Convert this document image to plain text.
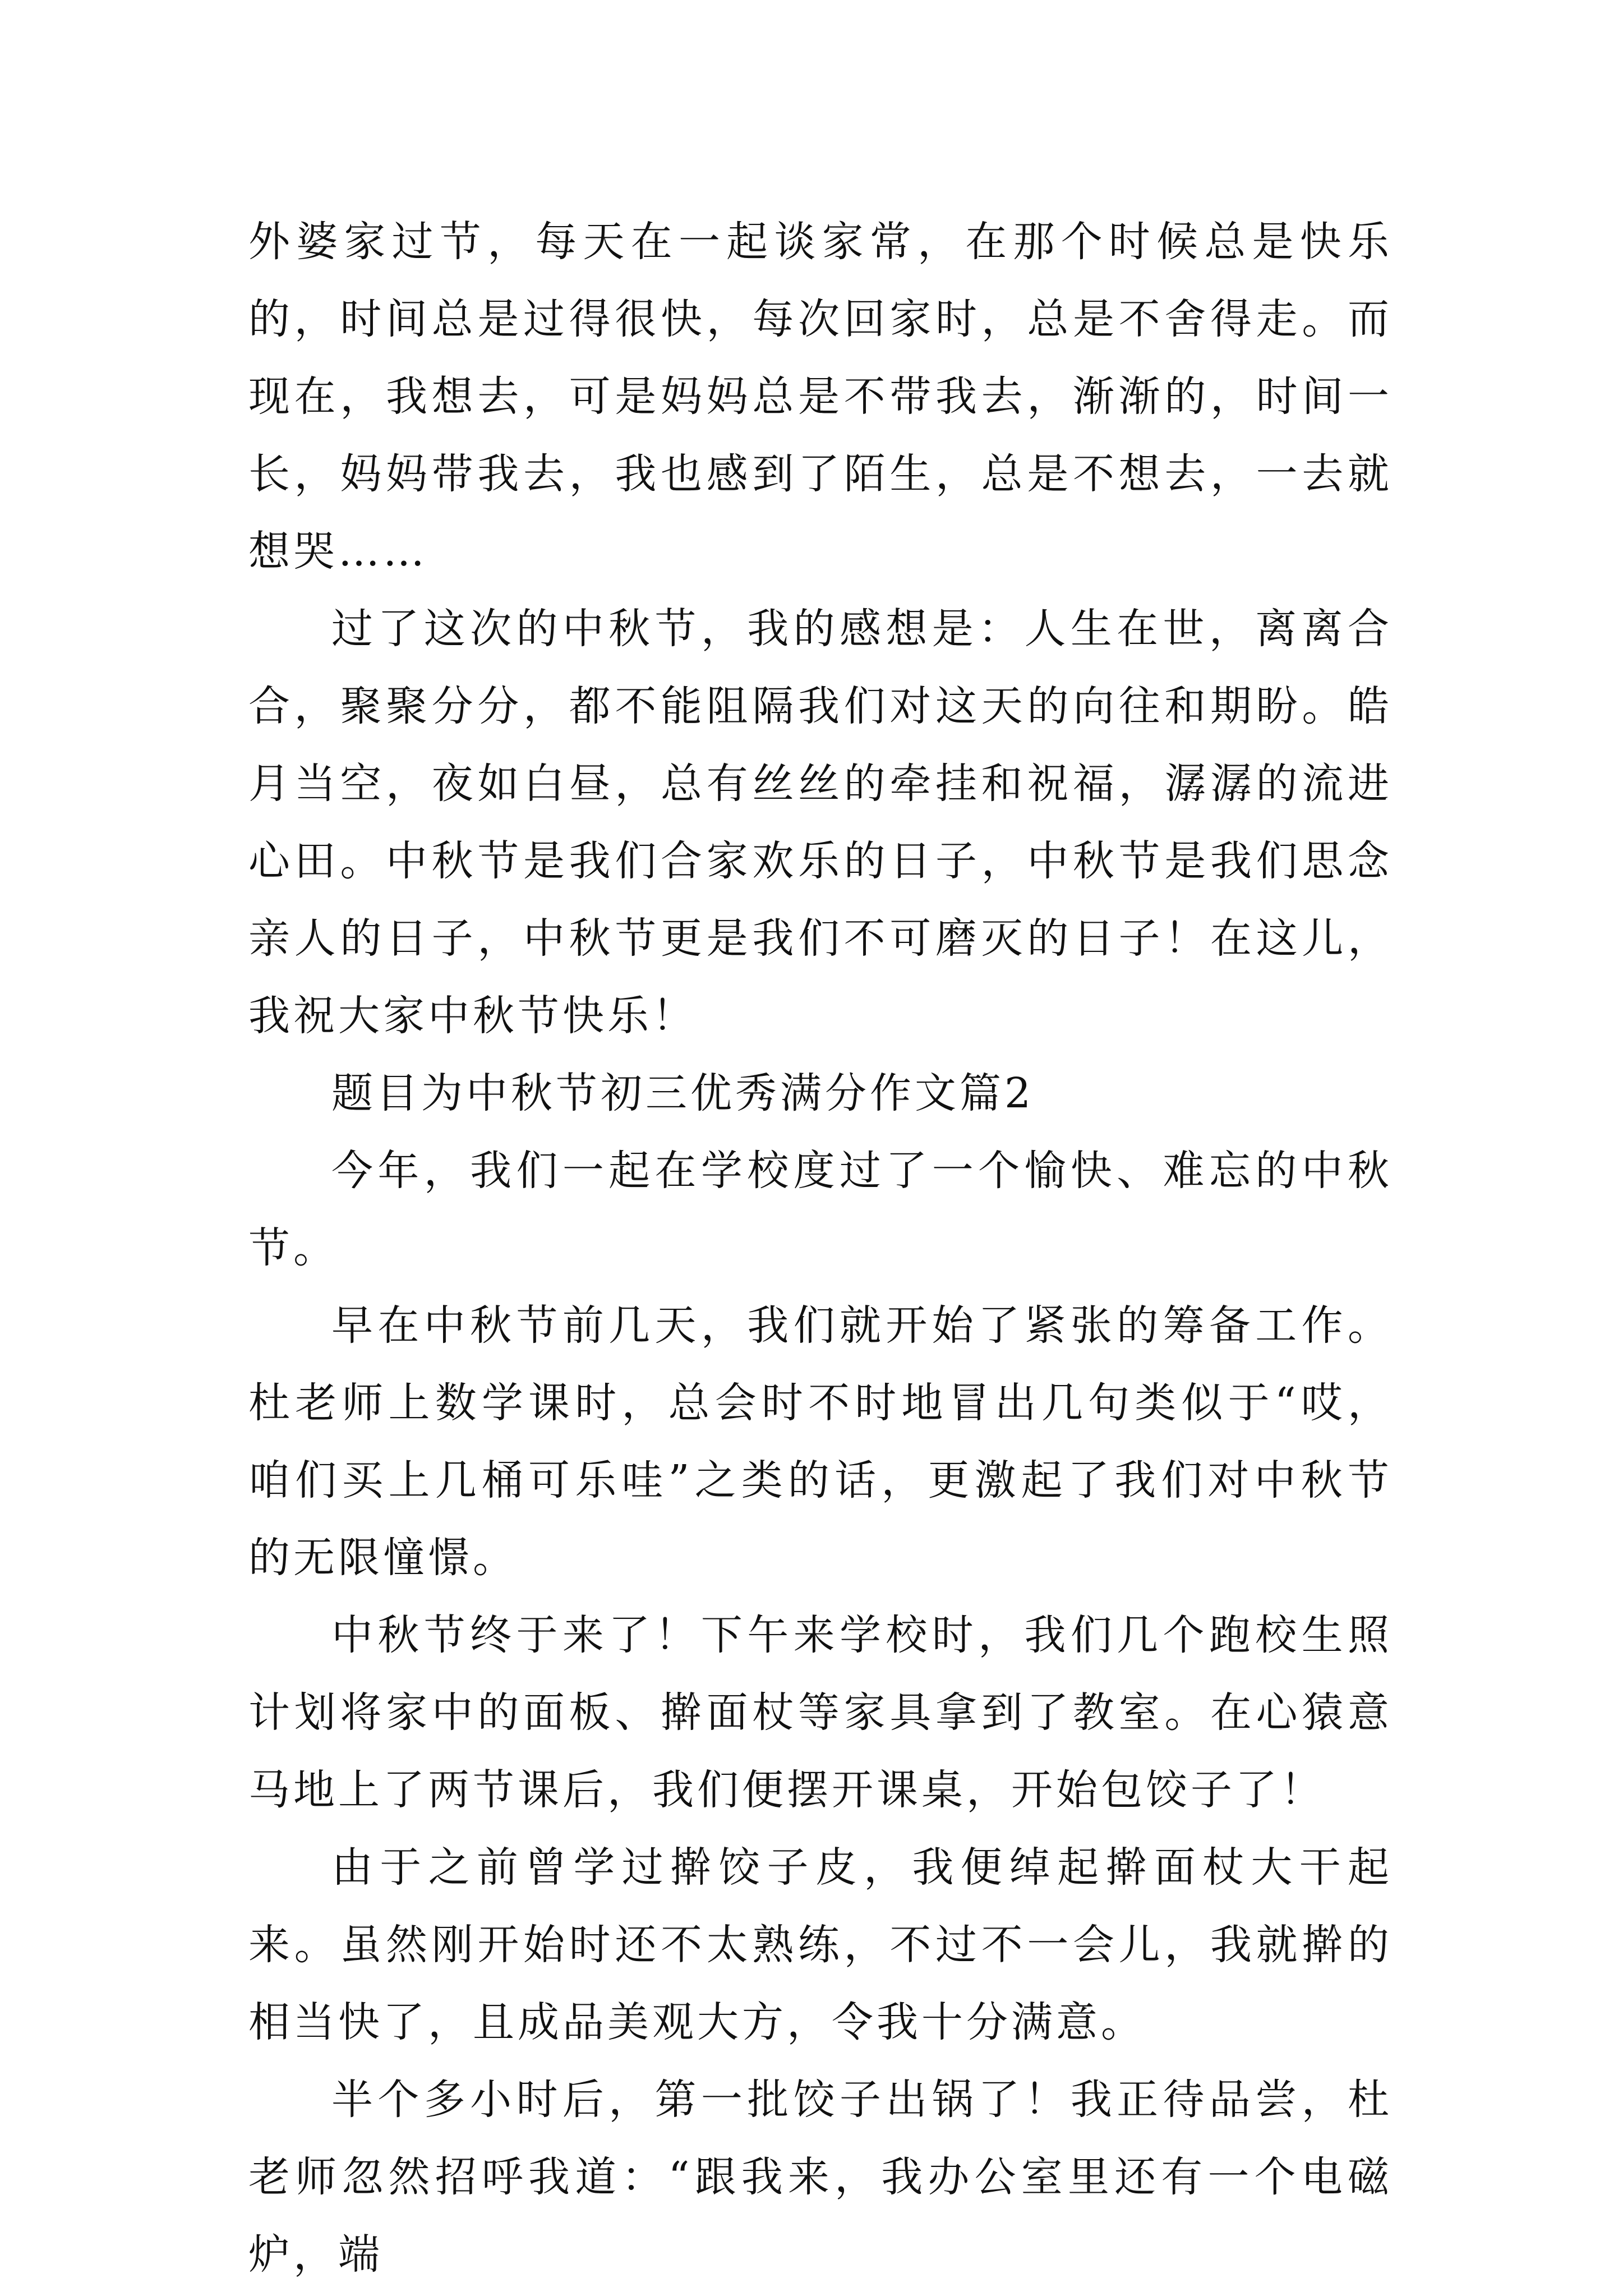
外婆家过节，每天在一起谈家常，在那个时候总是快乐的，时间总是过得很快，每次回家时，总是不舍得走。而现在，我想去，可是妈妈总是不带我去，渐渐的，时间一长，妈妈带我去，我也感到了陌生，总是不想去，一去就想哭……

过了这次的中秋节，我的感想是：人生在世，离离合合，聚聚分分，都不能阻隔我们对这天的向往和期盼。皓月当空，夜如白昼，总有丝丝的牵挂和祝福，潺潺的流进心田。中秋节是我们合家欢乐的日子，中秋节是我们思念亲人的日子，中秋节更是我们不可磨灭的日子！在这儿，我祝大家中秋节快乐！

题目为中秋节初三优秀满分作文篇2

今年，我们一起在学校度过了一个愉快、难忘的中秋节。

早在中秋节前几天，我们就开始了紧张的筹备工作。杜老师上数学课时，总会时不时地冒出几句类似于“哎，咱们买上几桶可乐哇”之类的话，更激起了我们对中秋节的无限憧憬。

中秋节终于来了！下午来学校时，我们几个跑校生照计划将家中的面板、擀面杖等家具拿到了教室。在心猿意马地上了两节课后，我们便摆开课桌，开始包饺子了！

由于之前曾学过擀饺子皮，我便绰起擀面杖大干起来。虽然刚开始时还不太熟练，不过不一会儿，我就擀的相当快了，且成品美观大方，令我十分满意。

半个多小时后，第一批饺子出锅了！我正待品尝，杜老师忽然招呼我道：“跟我来，我办公室里还有一个电磁炉，端
